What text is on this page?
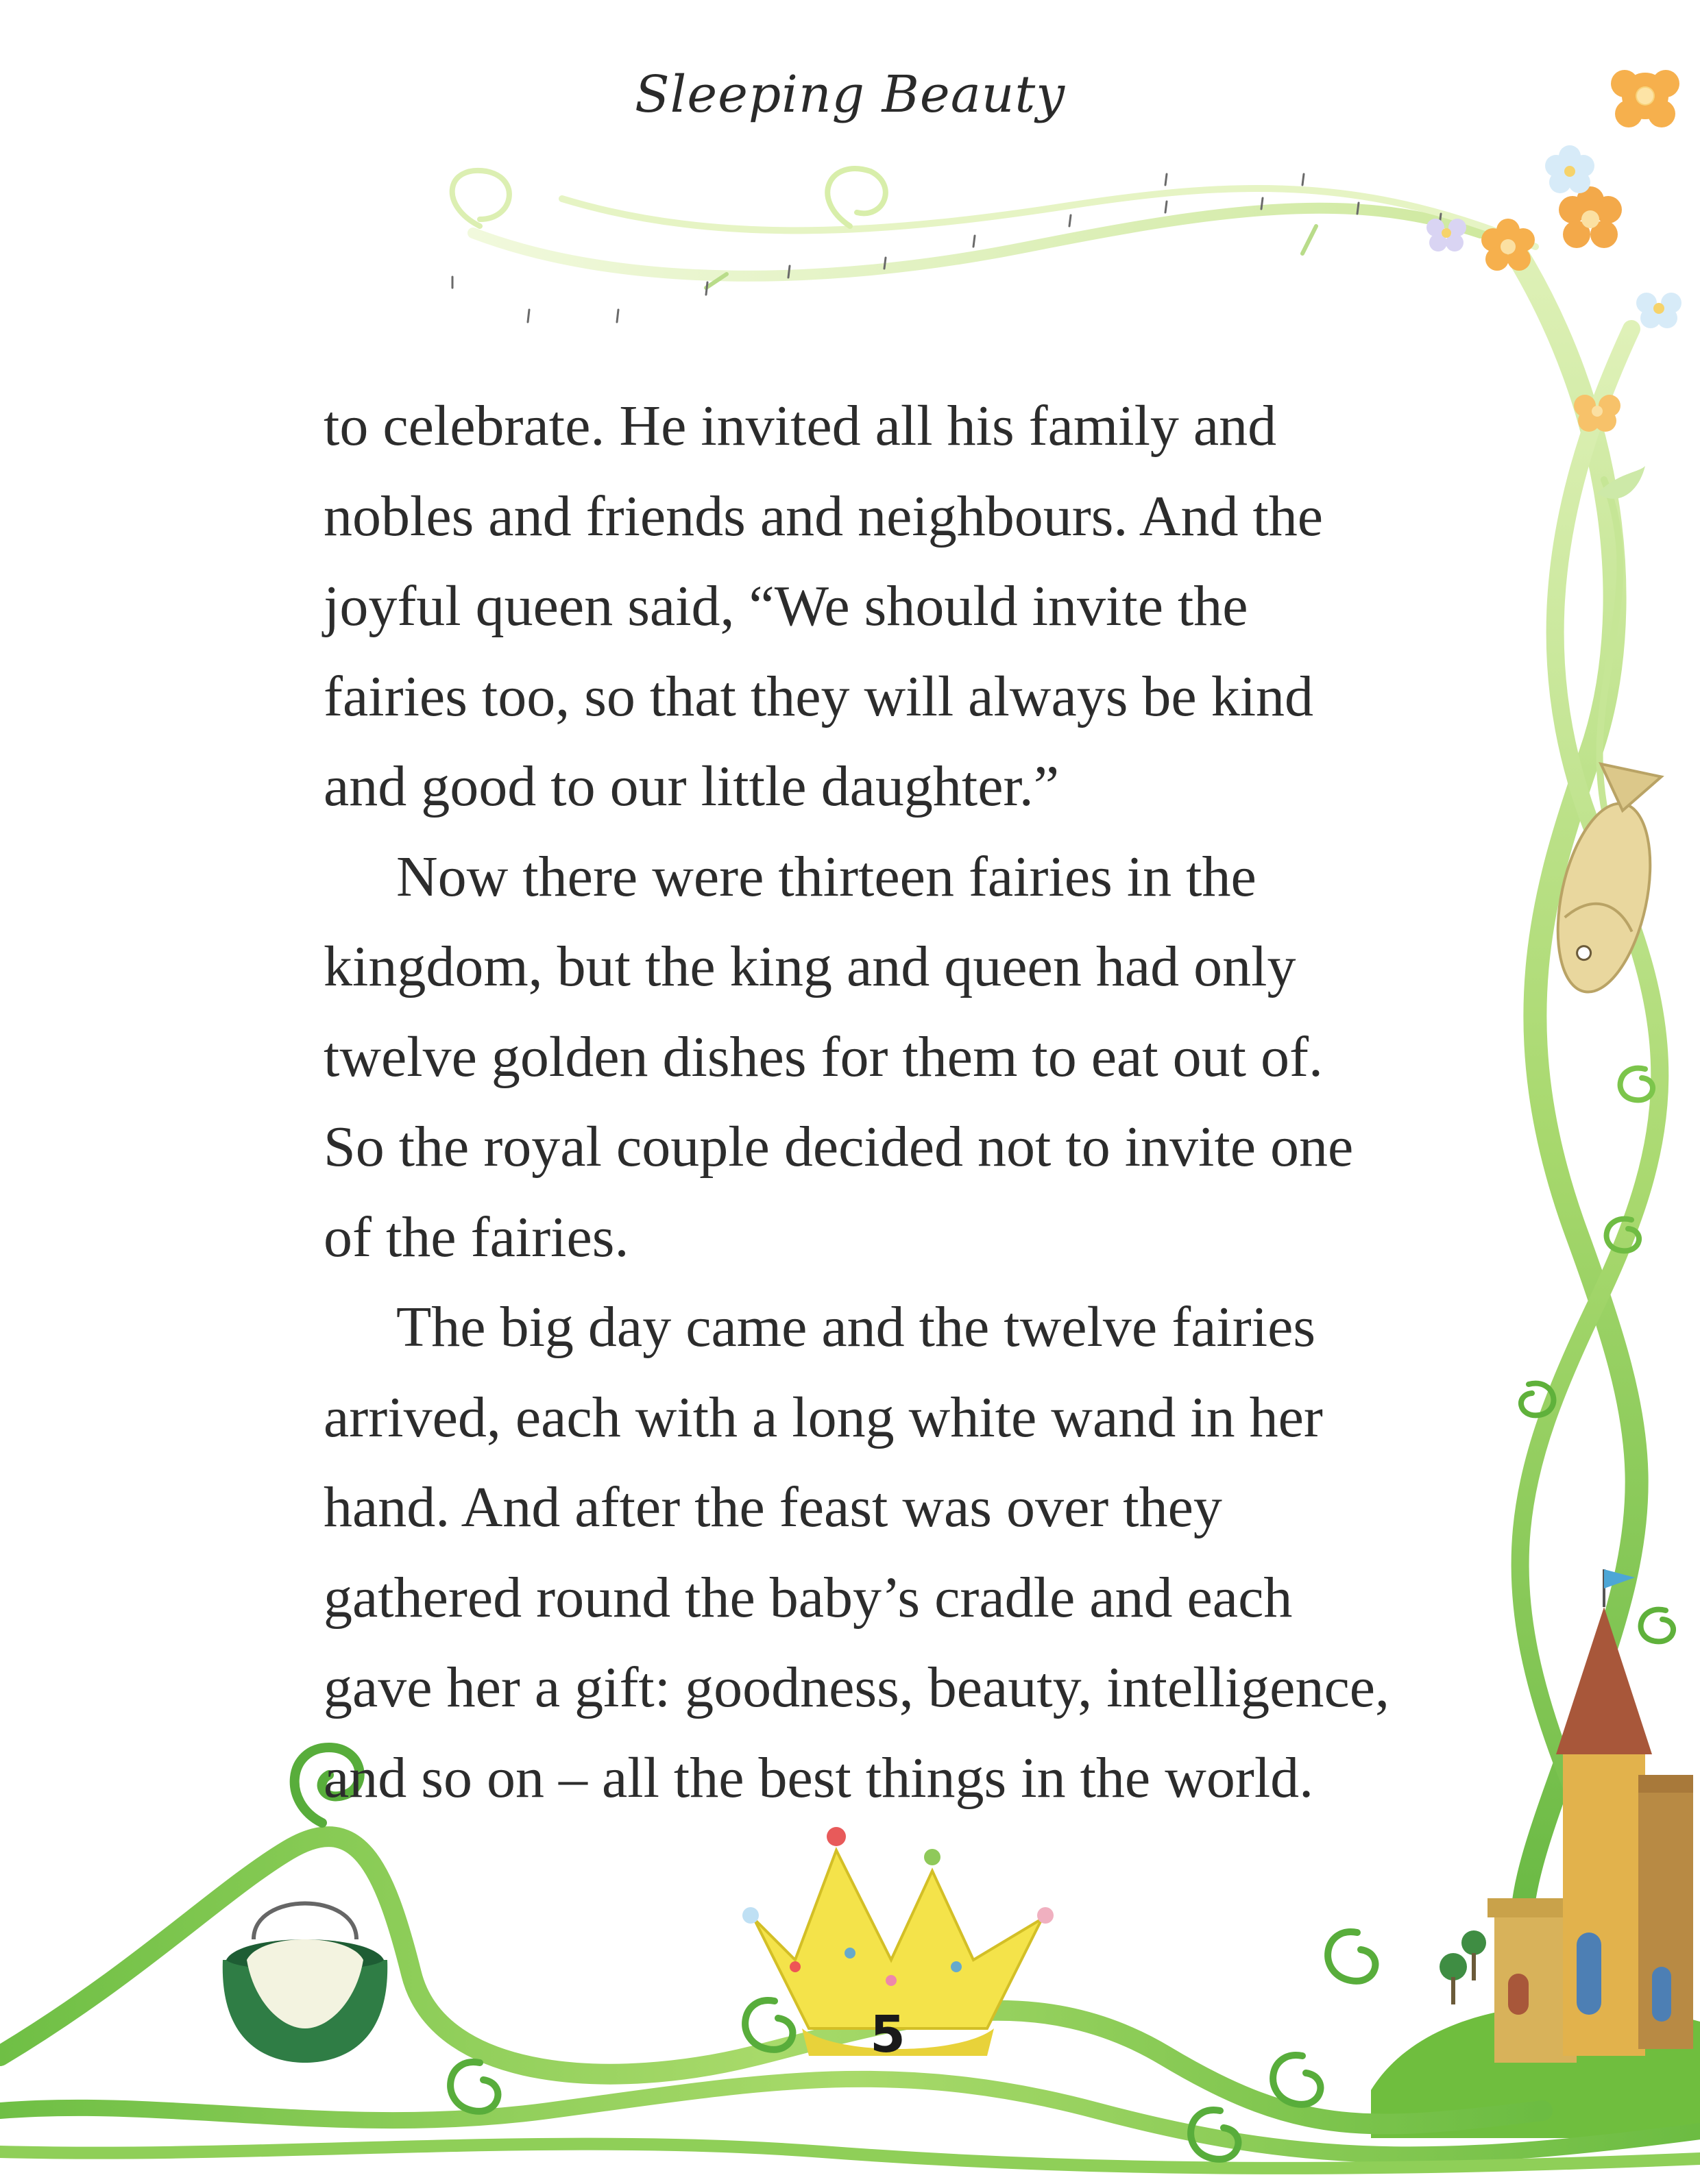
Sleeping Beauty

to celebrate. He invited all his family and
nobles and friends and neighbours. And the
joyful queen said, “We should invite the
fairies too, so that they will always be kind
and good to our little daughter.”

Now there were thirteen fairies in the
kingdom, but the king and queen had only
twelve golden dishes for them to eat out of.
So the royal couple decided not to invite one
of the fairies.

The big day came and the twelve fairies
arrived, each with a long white wand in her
hand. And after the feast was over they
gathered round the baby’s cradle and each
gave her a gift: goodness, beauty, intelligence,
and so on – all the best things in the world.

5
